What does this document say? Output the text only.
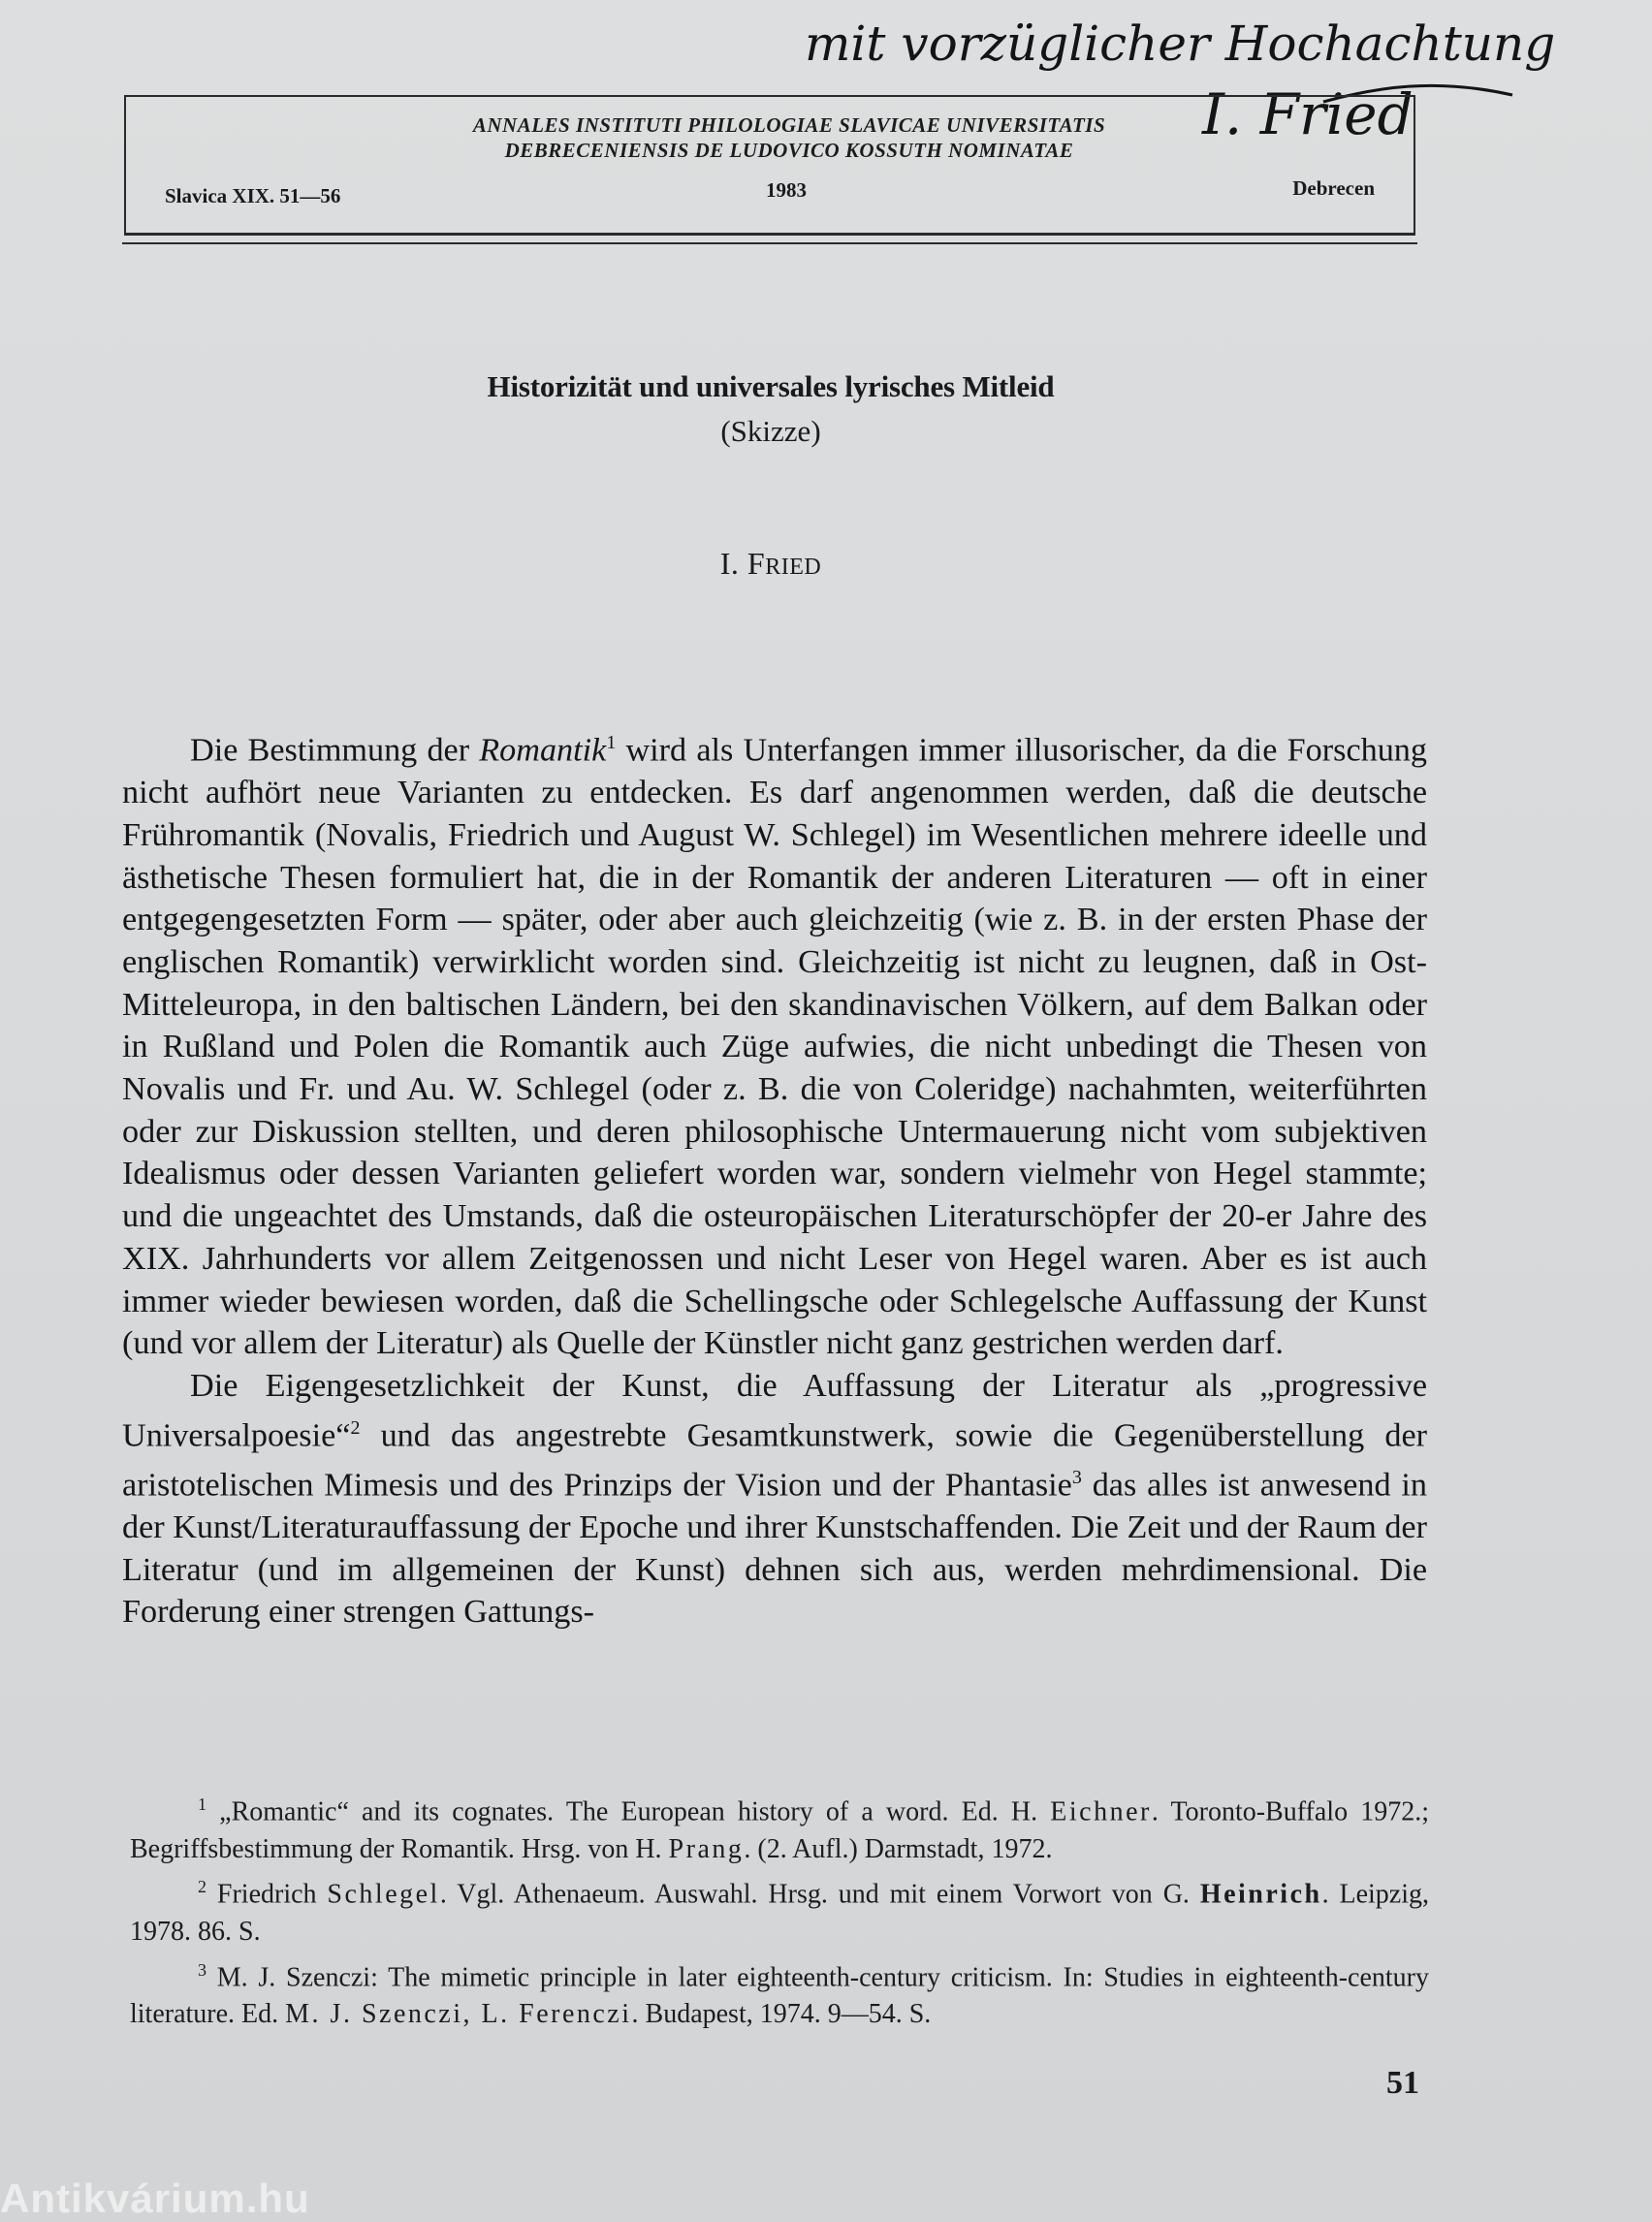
mit vorzüglicher Hochachtung
I. Fried
ANNALES INSTITUTI PHILOLOGIAE SLAVICAE UNIVERSITATIS
DEBRECENIENSIS DE LUDOVICO KOSSUTH NOMINATAE
Slavica XIX. 51—56	1983	Debrecen
Historizität und universales lyrisches Mitleid
(Skizze)
I. FRIED

Die Bestimmung der Romantik$^1$ wird als Unterfangen immer illusorischer, da die Forschung nicht aufhört neue Varianten zu entdecken. Es darf angenommen werden, daß die deutsche Frühromantik (Novalis, Friedrich und August W. Schlegel) im Wesentlichen mehrere ideelle und ästhetische Thesen formuliert hat, die in der Romantik der anderen Literaturen — oft in einer entgegengesetzten Form — später, oder aber auch gleichzeitig (wie z. B. in der ersten Phase der englischen Romantik) verwirklicht worden sind. Gleichzeitig ist nicht zu leugnen, daß in Ost-Mitteleuropa, in den baltischen Ländern, bei den skandinavischen Völkern, auf dem Balkan oder in Rußland und Polen die Romantik auch Züge aufwies, die nicht unbedingt die Thesen von Novalis und Fr. und Au. W. Schlegel (oder z. B. die von Coleridge) nachahmten, weiterführten oder zur Diskussion stellten, und deren philosophische Untermauerung nicht vom subjektiven Idealismus oder dessen Varianten geliefert worden war, sondern vielmehr von Hegel stammte; und die ungeachtet des Umstands, daß die osteuropäischen Literaturschöpfer der 20-er Jahre des XIX. Jahrhunderts vor allem Zeitgenossen und nicht Leser von Hegel waren. Aber es ist auch immer wieder bewiesen worden, daß die Schellingsche oder Schlegelsche Auffassung der Kunst (und vor allem der Literatur) als Quelle der Künstler nicht ganz gestrichen werden darf.

Die Eigengesetzlichkeit der Kunst, die Auffassung der Literatur als „progressive Universalpoesie“$^2$ und das angestrebte Gesamtkunstwerk, sowie die Gegenüberstellung der aristotelischen Mimesis und des Prinzips der Vision und der Phantasie$^3$ das alles ist anwesend in der Kunst/Literaturauffassung der Epoche und ihrer Kunstschaffenden. Die Zeit und der Raum der Literatur (und im allgemeinen der Kunst) dehnen sich aus, werden mehrdimensional. Die Forderung einer strengen Gattungs-

$^1$ „Romantic“ and its cognates. The European history of a word. Ed. H. Eichner. Toronto-Buffalo 1972.; Begriffsbestimmung der Romantik. Hrsg. von H. Prang. (2. Aufl.) Darmstadt, 1972.

$^2$ Friedrich Schlegel. Vgl. Athenaeum. Auswahl. Hrsg. und mit einem Vorwort von G. Heinrich. Leipzig, 1978. 86. S.

$^3$ M. J. Szenczi: The mimetic principle in later eighteenth-century criticism. In: Studies in eighteenth-century literature. Ed. M. J. Szenczi, L. Ferenczi. Budapest, 1974. 9—54. S.

51
Antikvárium.hu
